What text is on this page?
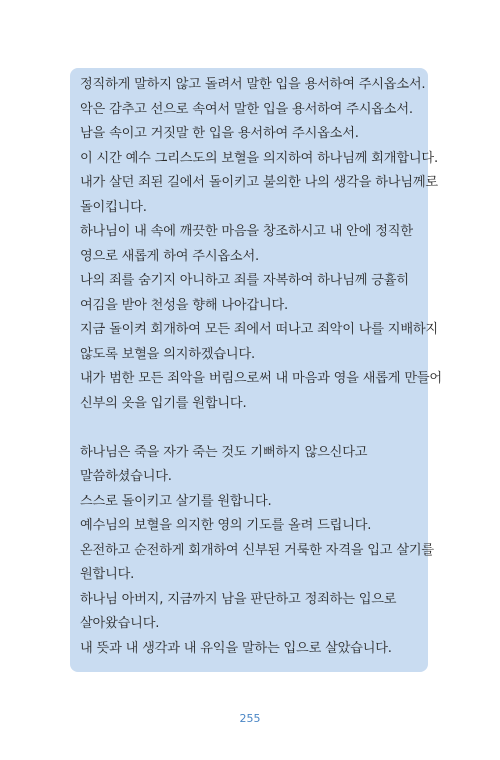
정직하게 말하지 않고 돌려서 말한 입을 용서하여 주시옵소서.
악은 감추고 선으로 속여서 말한 입을 용서하여 주시옵소서.
남을 속이고 거짓말 한 입을 용서하여 주시옵소서.
이 시간 예수 그리스도의 보혈을 의지하여 하나님께 회개합니다.
내가 살던 죄된 길에서 돌이키고 불의한 나의 생각을 하나님께로
돌이킵니다.
하나님이 내 속에 깨끗한 마음을 창조하시고 내 안에 정직한
영으로 새롭게 하여 주시옵소서.
나의 죄를 숨기지 아니하고 죄를 자복하여 하나님께 긍휼히
여김을 받아 천성을 향해 나아갑니다.
지금 돌이켜 회개하여 모든 죄에서 떠나고 죄악이 나를 지배하지
않도록 보혈을 의지하겠습니다.
내가 범한 모든 죄악을 버림으로써 내 마음과 영을 새롭게 만들어
신부의 옷을 입기를 원합니다.
하나님은 죽을 자가 죽는 것도 기뻐하지 않으신다고
말씀하셨습니다.
스스로 돌이키고 살기를 원합니다.
예수님의 보혈을 의지한 영의 기도를 올려 드립니다.
온전하고 순전하게 회개하여 신부된 거룩한 자격을 입고 살기를
원합니다.
하나님 아버지, 지금까지 남을 판단하고 정죄하는 입으로
살아왔습니다.
내 뜻과 내 생각과 내 유익을 말하는 입으로 살았습니다.
255
